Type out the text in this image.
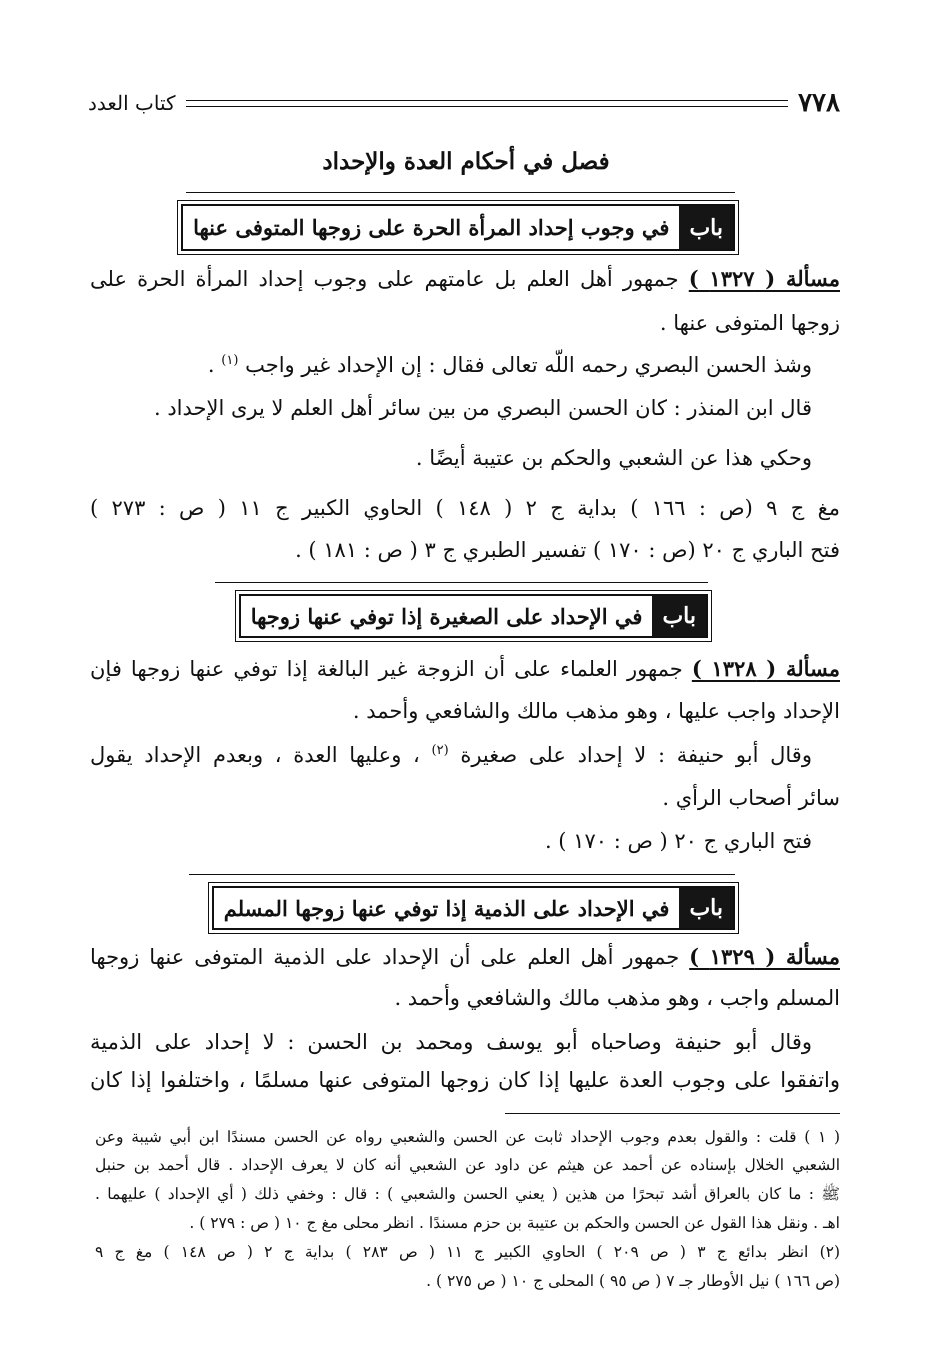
كتاب العدد	٧٧٨
فصل في أحكام العدة والإحداد
باب
في وجوب إحداد المرأة الحرة على زوجها المتوفى عنها
مسألة ( ١٣٢٧ ) جمهور أهل العلم بل عامتهم على وجوب إحداد المرأة الحرة على
زوجها المتوفى عنها .
وشذ الحسن البصري رحمه اللّه تعالى فقال : إن الإحداد غير واجب $^{(١)}$ .
قال ابن المنذر : كان الحسن البصري من بين سائر أهل العلم لا يرى الإحداد .
وحكي هذا عن الشعبي والحكم بن عتيبة أيضًا .
مغ ج ٩ (ص : ١٦٦ ) بداية ج ٢ ( ١٤٨ ) الحاوي الكبير ج ١١ ( ص : ٢٧٣ )
فتح الباري ج ٢٠ (ص : ١٧٠ ) تفسير الطبري ج ٣ ( ص : ١٨١ ) .
باب
في الإحداد على الصغيرة إذا توفي عنها زوجها
مسألة ( ١٣٢٨ ) جمهور العلماء على أن الزوجة غير البالغة إذا توفي عنها زوجها فإن
الإحداد واجب عليها ، وهو مذهب مالك والشافعي وأحمد .
وقال أبو حنيفة : لا إحداد على صغيرة $^{(٢)}$ ، وعليها العدة ، وبعدم الإحداد يقول
سائر أصحاب الرأي .
فتح الباري ج ٢٠ ( ص : ١٧٠ ) .
باب
في الإحداد على الذمية إذا توفي عنها زوجها المسلم
مسألة ( ١٣٢٩ ) جمهور أهل العلم على أن الإحداد على الذمية المتوفى عنها زوجها
المسلم واجب ، وهو مذهب مالك والشافعي وأحمد .
وقال أبو حنيفة وصاحباه أبو يوسف ومحمد بن الحسن : لا إحداد على الذمية
واتفقوا على وجوب العدة عليها إذا كان زوجها المتوفى عنها مسلمًا ، واختلفوا إذا كان
( ١ ) قلت : والقول بعدم وجوب الإحداد ثابت عن الحسن والشعبي رواه عن الحسن مسندًا ابن أبي شيبة وعن
الشعبي الخلال بإسناده عن أحمد عن هيثم عن داود عن الشعبي أنه كان لا يعرف الإحداد . قال أحمد بن حنبل
ﷺ : ما كان بالعراق أشد تبحرًا من هذين ( يعني الحسن والشعبي ) : قال : وخفي ذلك ( أي الإحداد ) عليهما .
اهـ . ونقل هذا القول عن الحسن والحكم بن عتيبة بن حزم مسندًا . انظر محلى مغ ج ١٠ ( ص : ٢٧٩ ) .
(٢) انظر بدائع ج ٣ ( ص ٢٠٩ ) الحاوي الكبير ج ١١ ( ص ٢٨٣ ) بداية ج ٢ ( ص ١٤٨ ) مغ ج ٩
(ص ١٦٦ ) نيل الأوطار جـ ٧ ( ص ٩٥ ) المحلى ج ١٠ ( ص ٢٧٥ ) .
